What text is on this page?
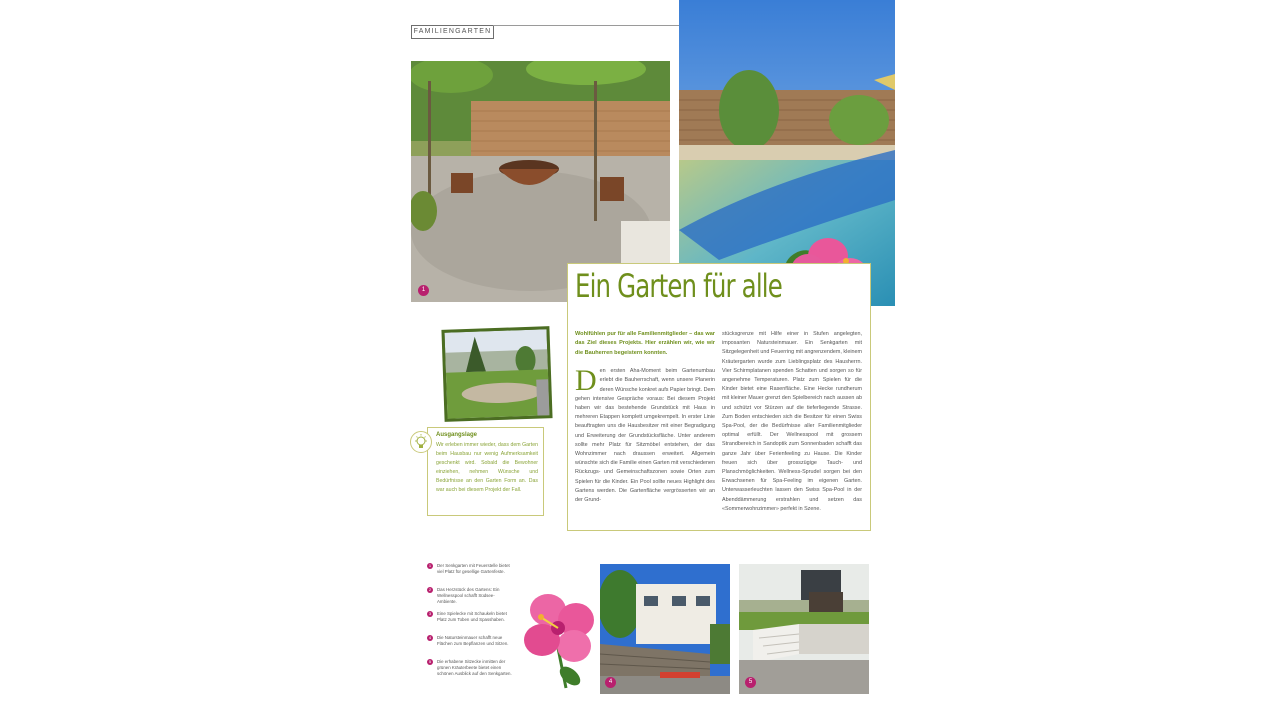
FAMILIENGARTEN
1	Ein Garten für alle
Wohlfühlen pur für alle Familienmitglieder – das war das Ziel dieses Projekts. Hier erzählen wir, wie wir die Bauherren begeistern konnten.
D en ersten Aha-Moment beim Gartenumbau erlebt die Bauherrschaft, wenn unsere Planerin deren Wünsche konkret aufs Papier bringt. Dem gehen intensive Gespräche voraus: Bei diesem Projekt haben wir das bestehende Grundstück mit Haus in mehreren Etappen komplett umgekrempelt. In erster Linie beauftragten uns die Hausbesitzer mit einer Begradigung und Erweiterung der Grundstücksfläche. Unter anderem sollte mehr Platz für Sitzmöbel entstehen, der das Wohnzimmer nach draussen erweitert. Allgemein wünschte sich die Familie einen Garten mit verschiedenen Rückzugs- und Gemeinschaftszonen sowie Orten zum Spielen für die Kinder. Ein Pool sollte neues Highlight des Gartens werden. Die Gartenfläche vergrösserten wir an der Grund-
stücksgrenze mit Hilfe einer in Stufen angelegten, imposanten Natursteinmauer. Ein Senkgarten mit Sitzgelegenheit und Feuerring mit angrenzendem, kleinem Kräutergarten wurde zum Lieblingsplatz des Hausherrn. Vier Schirmplatanen spenden Schatten und sorgen so für angenehme Temperaturen. Platz zum Spielen für die Kinder bietet eine Rasenfläche. Eine Hecke rundherum mit kleiner Mauer grenzt den Spielbereich nach aussen ab und schützt vor Stürzen auf die tieferliegende Strasse. Zum Boden entschieden sich die Besitzer für einen Swiss Spa-Pool, der die Bedürfnisse aller Familienmitglieder optimal erfüllt. Der Wellnesspool mit grossem Strandbereich in Sandoptik zum Sonnenbaden schafft das ganze Jahr über Ferienfeeling zu Hause. Die Kinder freuen sich über grosszügige Tauch- und Planschmöglichkeiten. Wellness-Sprudel sorgen bei den Erwachsenen für Spa-Feeling im eigenen Garten. Unterwasserleuchten lassen den Swiss Spa-Pool in der Abenddämmerung erstrahlen und setzen das «Sommerwohnzimmer» perfekt in Szene.
Ausgangslage
Wir erleben immer wieder, dass dem Garten beim Hausbau nur wenig Aufmerksamkeit geschenkt wird. Sobald die Bewohner einziehen, nehmen Wünsche und Bedürfnisse an den Garten Form an. Das war auch bei diesem Projekt der Fall.
1	Der Senkgarten mit Feuerstelle bietet viel Platz für gesellige Gartenfeste.
2	Das Herzstück des Gartens: Ein Wellnesspool schafft Südsee-Ambiente.
3	Eine Spielecke mit Schaukeln bietet Platz zum Toben und Spasshaben.
4	Die Natursteinmauer schafft neue Flächen zum Bepflanzen und Sitzen.
5	Die erhabene Sitzecke inmitten der grünen Kräuterbeete bietet einen schönen Ausblick auf den Senkgarten.
4	5
